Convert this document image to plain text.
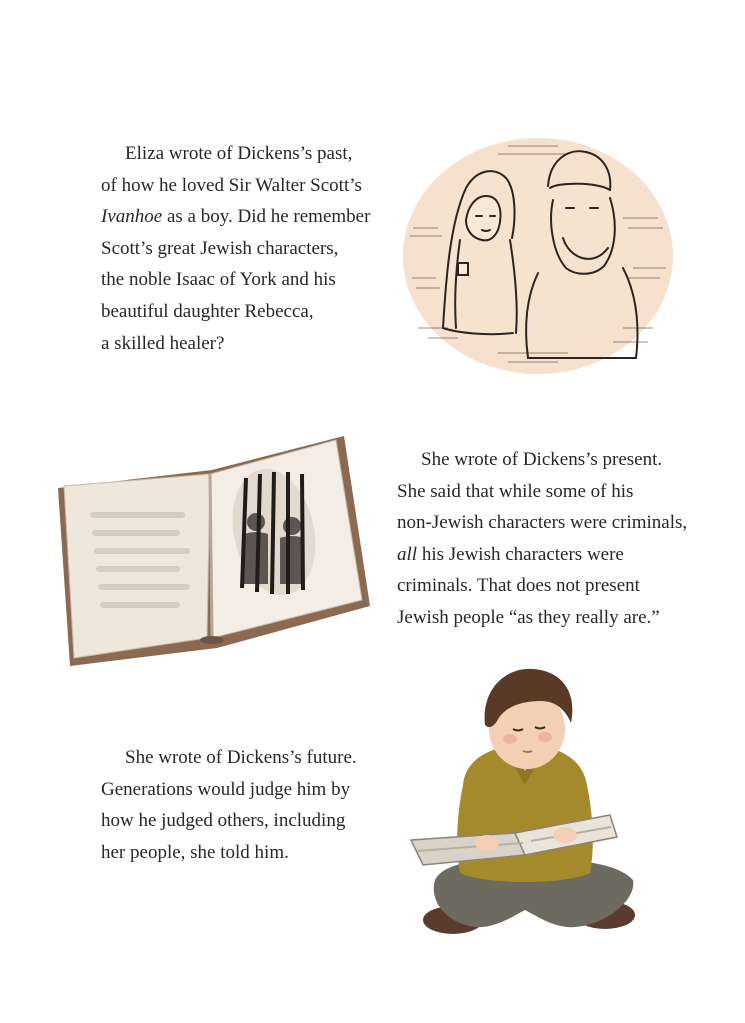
Eliza wrote of Dickens’s past,
of how he loved Sir Walter Scott’s
Ivanhoe as a boy. Did he remember
Scott’s great Jewish characters,
the noble Isaac of York and his
beautiful daughter Rebecca,
a skilled healer?

She wrote of Dickens’s present.
She said that while some of his
non-Jewish characters were criminals,
all his Jewish characters were
criminals. That does not present
Jewish people “as they really are.”

She wrote of Dickens’s future.
Generations would judge him by
how he judged others, including
her people, she told him.
